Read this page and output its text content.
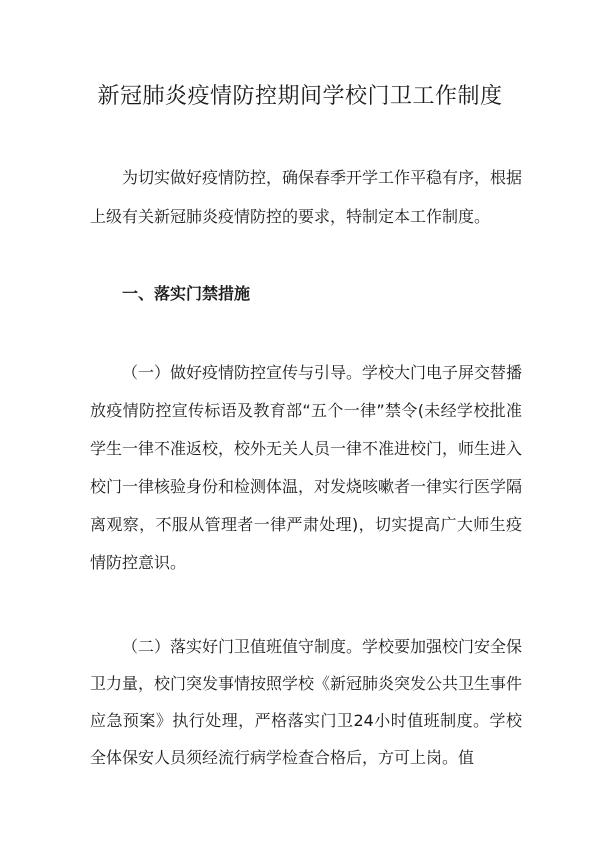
新冠肺炎疫情防控期间学校门卫工作制度

为切实做好疫情防控，确保春季开学工作平稳有序，根据上级有关新冠肺炎疫情防控的要求，特制定本工作制度。

一、落实门禁措施

（一）做好疫情防控宣传与引导。学校大门电子屏交替播放疫情防控宣传标语及教育部“五个一律”禁令(未经学校批准学生一律不准返校，校外无关人员一律不准进校门，师生进入校门一律核验身份和检测体温，对发烧咳嗽者一律实行医学隔离观察，不服从管理者一律严肃处理)，切实提高广大师生疫情防控意识。

（二）落实好门卫值班值守制度。学校要加强校门安全保卫力量，校门突发事情按照学校《新冠肺炎突发公共卫生事件应急预案》执行处理，严格落实门卫24小时值班制度。学校全体保安人员须经流行病学检查合格后，方可上岗。值
